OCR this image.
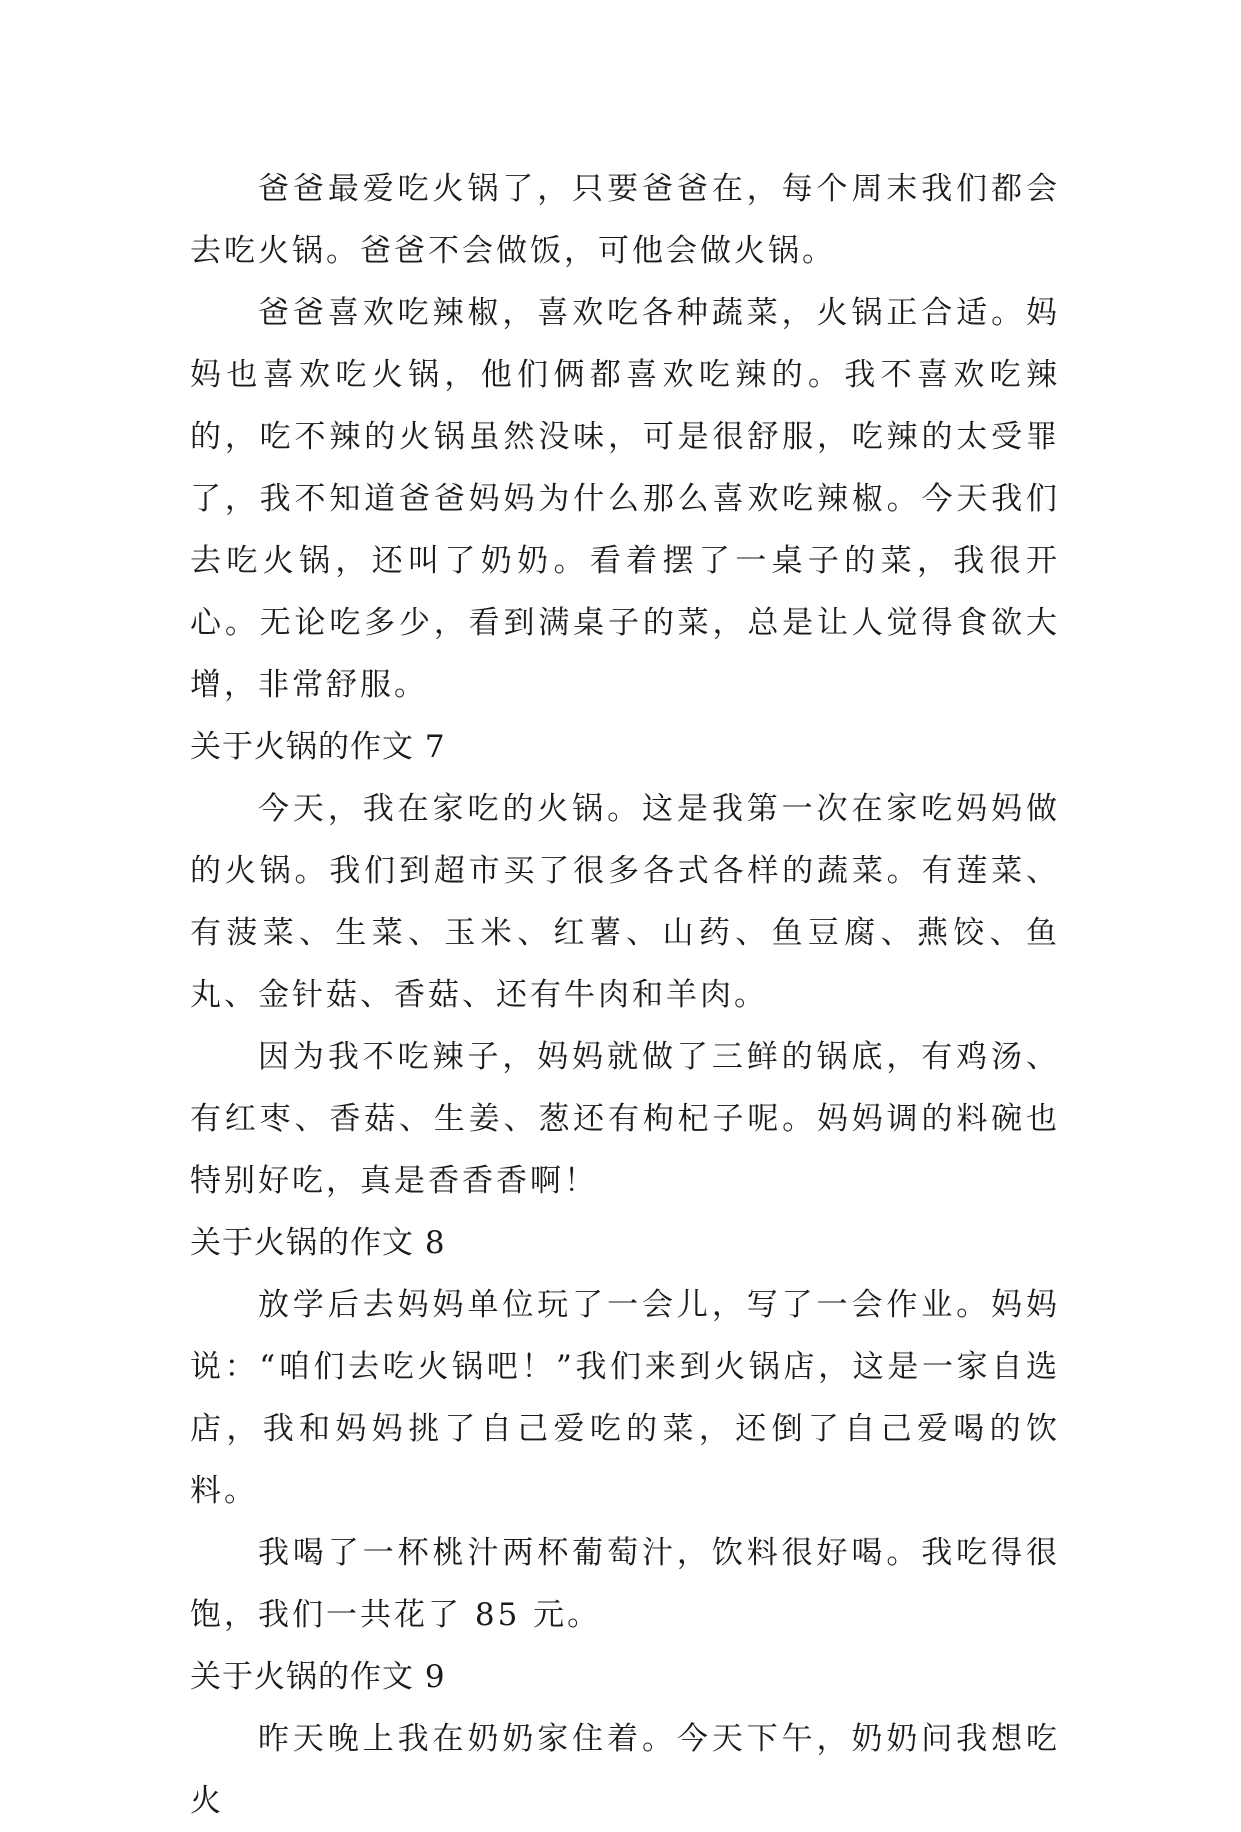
爸爸最爱吃火锅了，只要爸爸在，每个周末我们都会去吃火锅。爸爸不会做饭，可他会做火锅。

爸爸喜欢吃辣椒，喜欢吃各种蔬菜，火锅正合适。妈妈也喜欢吃火锅，他们俩都喜欢吃辣的。我不喜欢吃辣的，吃不辣的火锅虽然没味，可是很舒服，吃辣的太受罪了，我不知道爸爸妈妈为什么那么喜欢吃辣椒。今天我们去吃火锅，还叫了奶奶。看着摆了一桌子的菜，我很开心。无论吃多少，看到满桌子的菜，总是让人觉得食欲大增，非常舒服。

关于火锅的作文 7

今天，我在家吃的火锅。这是我第一次在家吃妈妈做的火锅。我们到超市买了很多各式各样的蔬菜。有莲菜、有菠菜、生菜、玉米、红薯、山药、鱼豆腐、燕饺、鱼丸、金针菇、香菇、还有牛肉和羊肉。

因为我不吃辣子，妈妈就做了三鲜的锅底，有鸡汤、有红枣、香菇、生姜、葱还有枸杞子呢。妈妈调的料碗也特别好吃，真是香香香啊！

关于火锅的作文 8

放学后去妈妈单位玩了一会儿，写了一会作业。妈妈说：“咱们去吃火锅吧！”我们来到火锅店，这是一家自选店，我和妈妈挑了自己爱吃的菜，还倒了自己爱喝的饮料。

我喝了一杯桃汁两杯葡萄汁，饮料很好喝。我吃得很饱，我们一共花了 85 元。

关于火锅的作文 9

昨天晚上我在奶奶家住着。今天下午，奶奶问我想吃火
